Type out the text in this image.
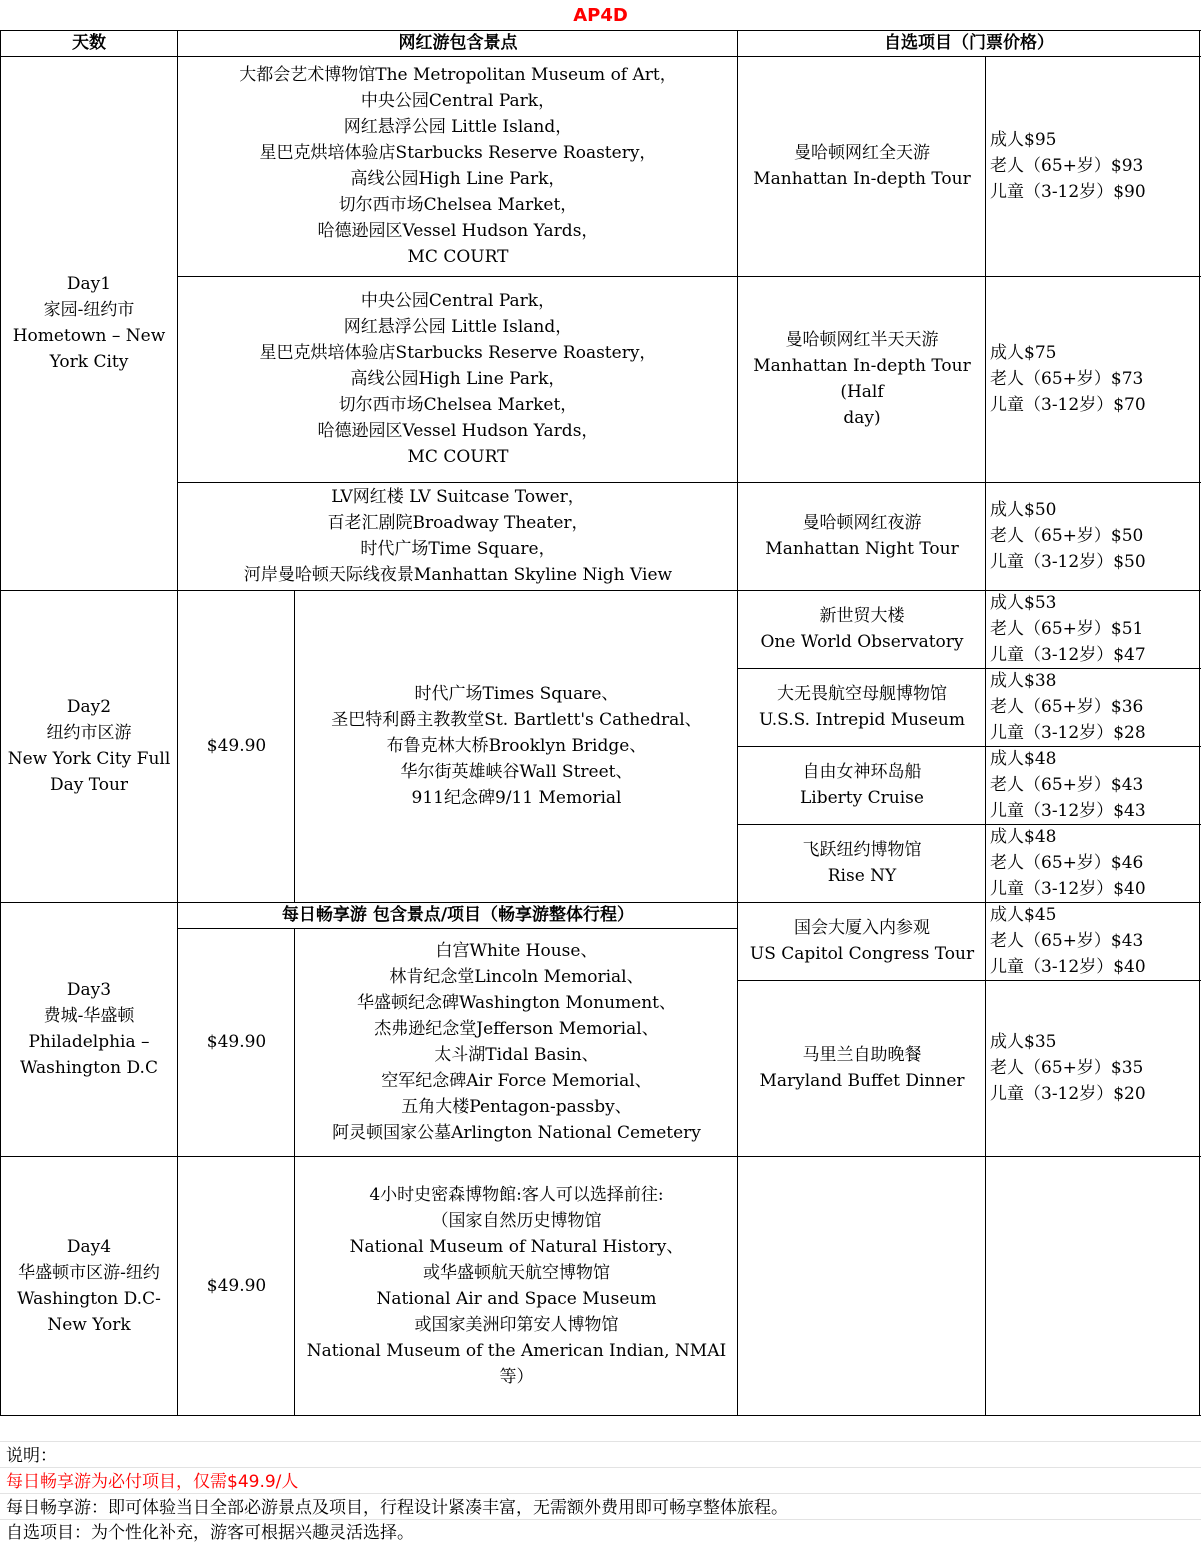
AP4D
天数	网红游包含景点	自选项目（门票价格）
Day1
家园-纽约市
Hometown – New
York City
大都会艺术博物馆The Metropolitan Museum of Art，
中央公园Central Park，
网红悬浮公园 Little Island，
星巴克烘培体验店Starbucks Reserve Roastery，
高线公园High Line Park，
切尔西市场Chelsea Market，
哈德逊园区Vessel Hudson Yards，
MC COURT
曼哈顿网红全天游
Manhattan In-depth Tour
成人$95
老人（65+岁）$93
儿童（3-12岁）$90
中央公园Central Park，
网红悬浮公园 Little Island，
星巴克烘培体验店Starbucks Reserve Roastery，
高线公园High Line Park，
切尔西市场Chelsea Market，
哈德逊园区Vessel Hudson Yards，
MC COURT
曼哈顿网红半天天游
Manhattan In-depth Tour (Half
day)
成人$75
老人（65+岁）$73
儿童（3-12岁）$70
LV网红楼 LV Suitcase Tower，
百老汇剧院Broadway Theater，
时代广场Time Square，
河岸曼哈顿天际线夜景Manhattan Skyline Nigh View
曼哈顿网红夜游
Manhattan Night Tour
成人$50
老人（65+岁）$50
儿童（3-12岁）$50
Day2
纽约市区游
New York City Full
Day Tour
$49.90
时代广场Times Square、
圣巴特利爵主教教堂St. Bartlett's Cathedral、
布鲁克林大桥Brooklyn Bridge、
华尔街英雄峡谷Wall Street、
911纪念碑9/11 Memorial
新世贸大楼
One World Observatory
成人$53
老人（65+岁）$51
儿童（3-12岁）$47
大无畏航空母舰博物馆
U.S.S. Intrepid Museum
成人$38
老人（65+岁）$36
儿童（3-12岁）$28
自由女神环岛船
Liberty Cruise
成人$48
老人（65+岁）$43
儿童（3-12岁）$43
飞跃纽约博物馆
Rise NY
成人$48
老人（65+岁）$46
儿童（3-12岁）$40
Day3
费城-华盛顿
Philadelphia –
Washington D.C
每日畅享游 包含景点/项目（畅享游整体行程）
$49.90
白宫White House、
林肯纪念堂Lincoln Memorial、
华盛顿纪念碑Washington Monument、
杰弗逊纪念堂Jefferson Memorial、
太斗湖Tidal Basin、
空军纪念碑Air Force Memorial、
五角大楼Pentagon-passby、
阿灵顿国家公墓Arlington National Cemetery
国会大厦入内参观
US Capitol Congress Tour
成人$45
老人（65+岁）$43
儿童（3-12岁）$40
马里兰自助晚餐
Maryland Buffet Dinner
成人$35
老人（65+岁）$35
儿童（3-12岁）$20
Day4
华盛顿市区游-纽约
Washington D.C-
New York
$49.90
4小时史密森博物館:客人可以选择前往:
（国家自然历史博物馆
National Museum of Natural History、
或华盛顿航天航空博物馆
National Air and Space Museum
或国家美洲印第安人博物馆
National Museum of the American Indian, NMAI等）
说明：
每日畅享游为必付项目，仅需$49.9/人
每日畅享游：即可体验当日全部必游景点及项目，行程设计紧凑丰富，无需额外费用即可畅享整体旅程。
自选项目：为个性化补充，游客可根据兴趣灵活选择。
